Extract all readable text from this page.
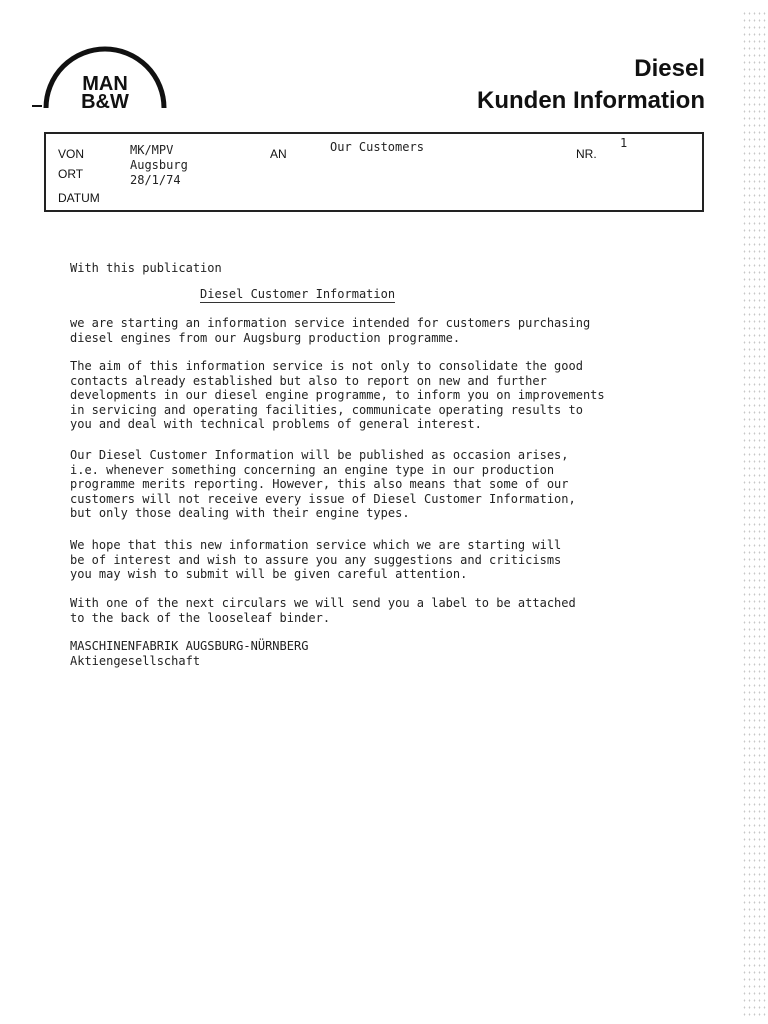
MAN
B&W
Diesel
Kunden Information
VON
ORT
DATUM
AN	NR.
MK/MPV
Augsburg
28/1/74
Our Customers	1
With this publication
Diesel Customer Information
we are starting an information service intended for customers purchasing
diesel engines from our Augsburg production programme.
The aim of this information service is not only to consolidate the good
contacts already established but also to report on new and further
developments in our diesel engine programme, to inform you on improvements
in servicing and operating facilities, communicate operating results to
you and deal with technical problems of general interest.
Our Diesel Customer Information will be published as occasion arises,
i.e. whenever something concerning an engine type in our production
programme merits reporting. However, this also means that some of our
customers will not receive every issue of Diesel Customer Information,
but only those dealing with their engine types.
We hope that this new information service which we are starting will
be of interest and wish to assure you any suggestions and criticisms
you may wish to submit will be given careful attention.
With one of the next circulars we will send you a label to be attached
to the back of the looseleaf binder.
MASCHINENFABRIK AUGSBURG-NÜRNBERG
Aktiengesellschaft
